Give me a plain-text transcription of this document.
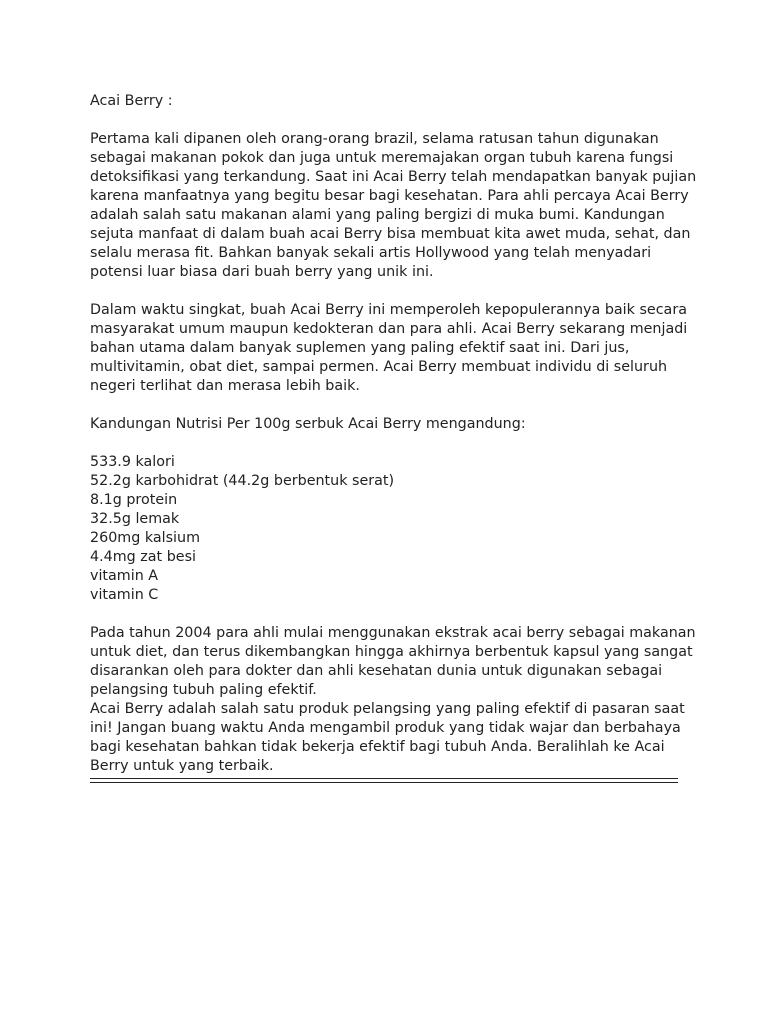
Acai Berry :
Pertama kali dipanen oleh orang-orang brazil, selama ratusan tahun digunakan
sebagai makanan pokok dan juga untuk meremajakan organ tubuh karena fungsi
detoksifikasi yang terkandung. Saat ini Acai Berry telah mendapatkan banyak pujian
karena manfaatnya yang begitu besar bagi kesehatan. Para ahli percaya Acai Berry
adalah salah satu makanan alami yang paling bergizi di muka bumi. Kandungan
sejuta manfaat di dalam buah acai Berry bisa membuat kita awet muda, sehat, dan
selalu merasa fit. Bahkan banyak sekali artis Hollywood yang telah menyadari
potensi luar biasa dari buah berry yang unik ini.
Dalam waktu singkat, buah Acai Berry ini memperoleh kepopulerannya baik secara
masyarakat umum maupun kedokteran dan para ahli. Acai Berry sekarang menjadi
bahan utama dalam banyak suplemen yang paling efektif saat ini. Dari jus,
multivitamin, obat diet, sampai permen. Acai Berry membuat individu di seluruh
negeri terlihat dan merasa lebih baik.
Kandungan Nutrisi Per 100g serbuk Acai Berry mengandung:
533.9 kalori
52.2g karbohidrat (44.2g berbentuk serat)
8.1g protein
32.5g lemak
260mg kalsium
4.4mg zat besi
vitamin A
vitamin C
Pada tahun 2004 para ahli mulai menggunakan ekstrak acai berry sebagai makanan
untuk diet, dan terus dikembangkan hingga akhirnya berbentuk kapsul yang sangat
disarankan oleh para dokter dan ahli kesehatan dunia untuk digunakan sebagai
pelangsing tubuh paling efektif.
Acai Berry adalah salah satu produk pelangsing yang paling efektif di pasaran saat
ini! Jangan buang waktu Anda mengambil produk yang tidak wajar dan berbahaya
bagi kesehatan bahkan tidak bekerja efektif bagi tubuh Anda. Beralihlah ke Acai
Berry untuk yang terbaik.
